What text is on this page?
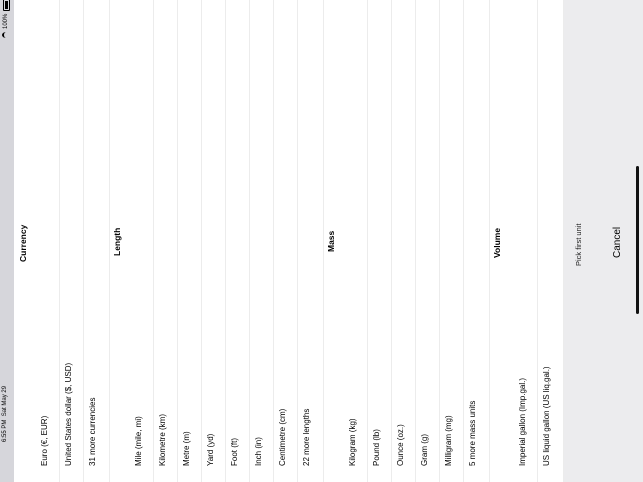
6:55 PM  Sat May 29
100%
Currency
Euro (€, EUR) United States dollar ($, USD) 31 more currencies
Length
Mile (mile, mi) Kilometre (km) Metre (m) Yard (yd) Foot (ft) Inch (in) Centimetre (cm) 22 more lengths
Mass
Kilogram (kg) Pound (lb) Ounce (oz.) Gram (g) Milligram (mg) 5 more mass units
Volume
Imperial gallon (Imp.gal.) US liquid gallon (US liq.gal.)
Pick first unit	Cancel
